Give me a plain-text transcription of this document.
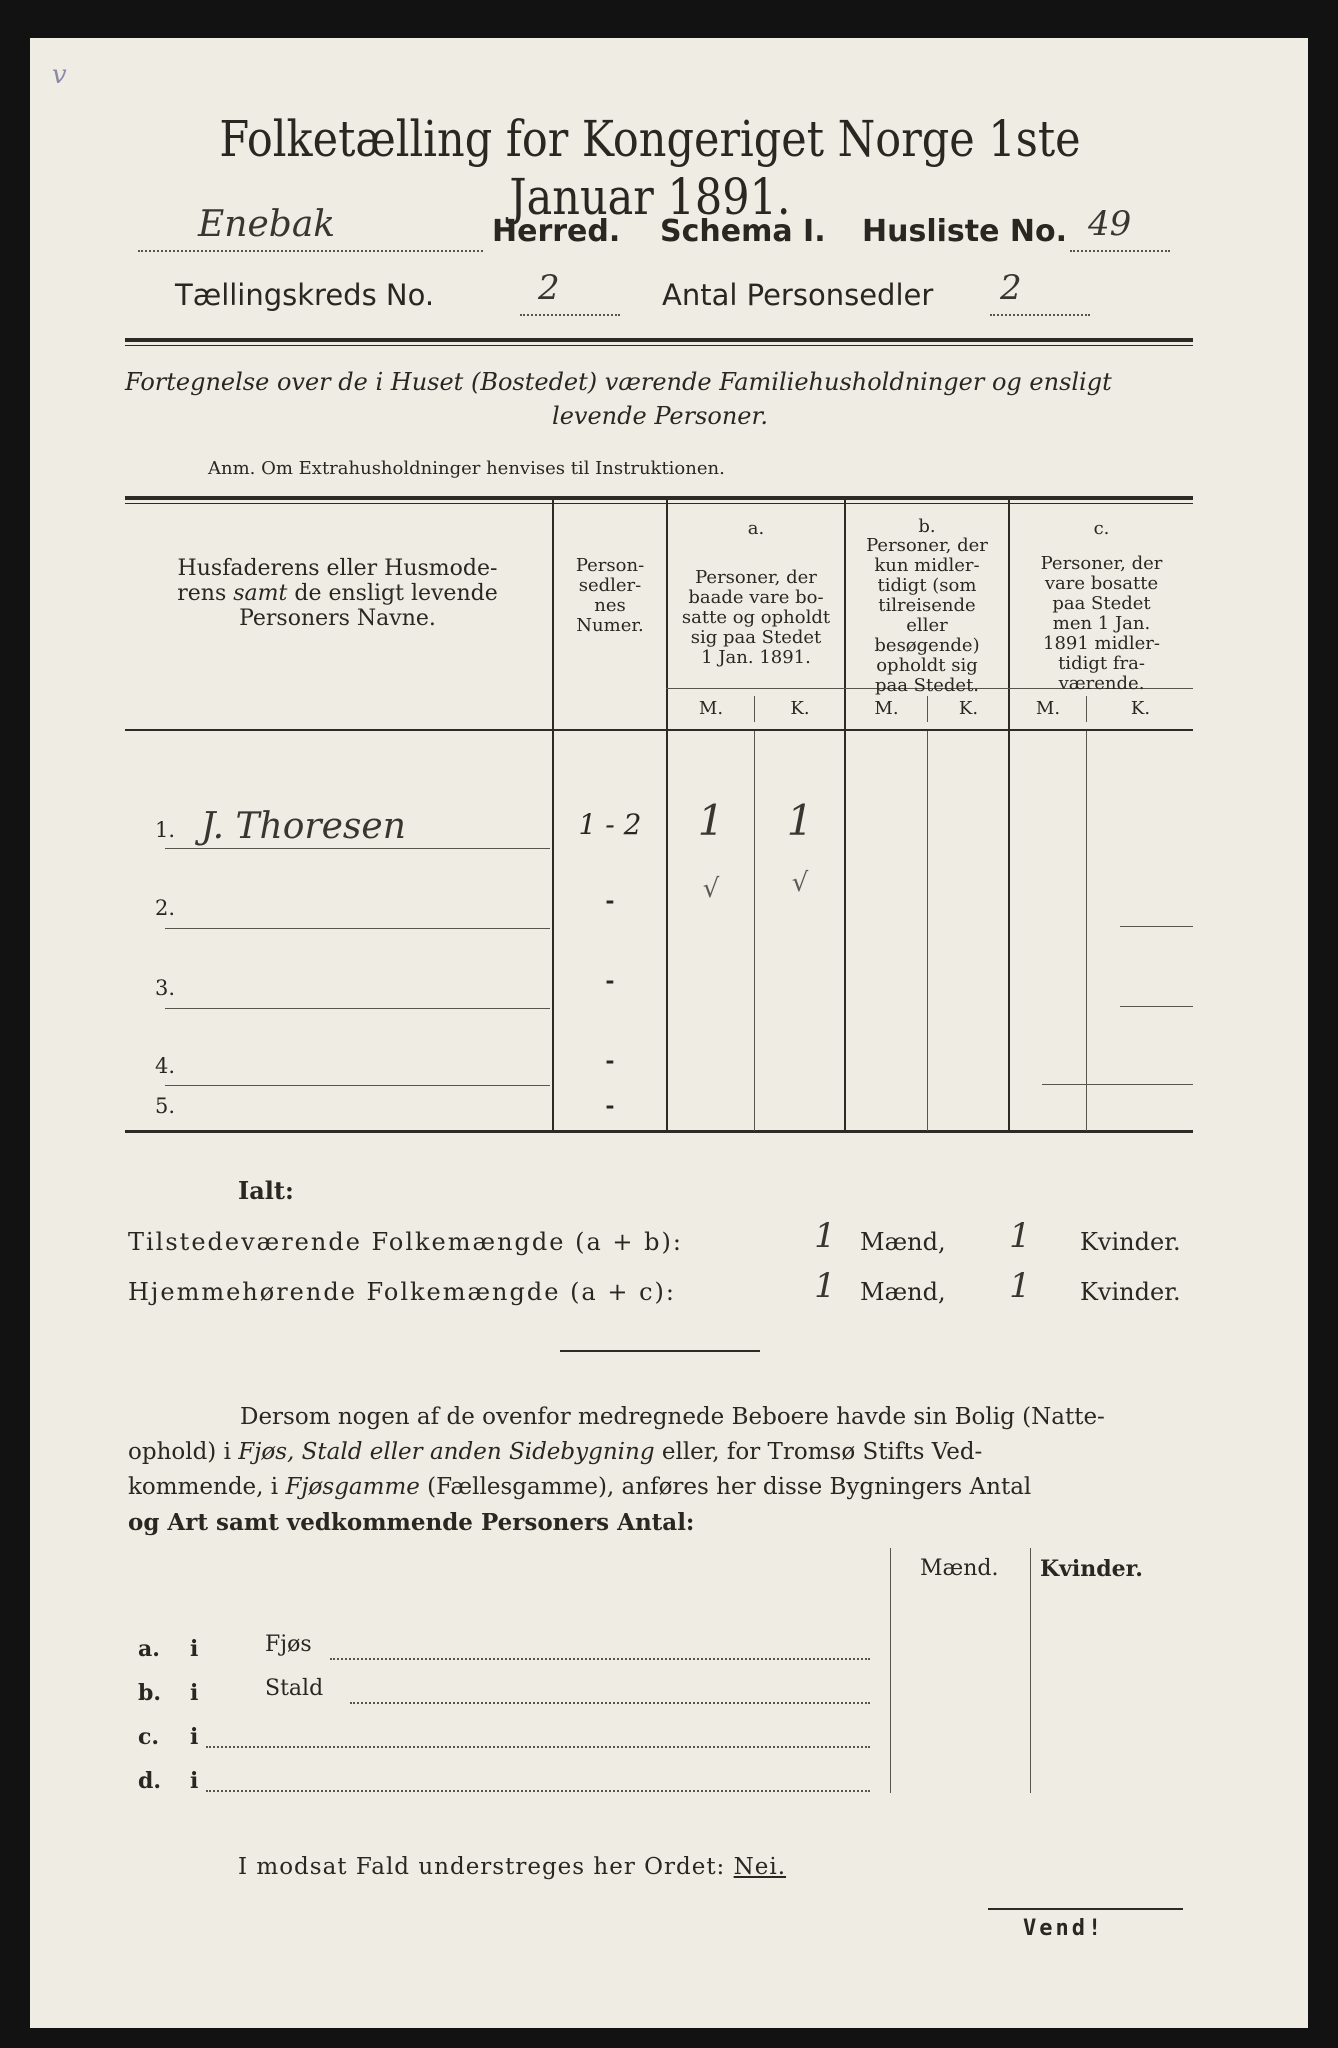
v
Folketælling for Kongeriget Norge 1ste Januar 1891.
Enebak	Herred. Schema I. Husliste No. 49
Tællingskreds No.	2	Antal Personsedler 2
Fortegnelse over de i Huset (Bostedet) værende Familiehusholdninger og ensligt
levende Personer.
Anm. Om Extrahusholdninger henvises til Instruktionen.
Husfaderens eller Husmode-
rens samt de ensligt levende
Personers Navne.
Person-
sedler-
nes
Numer.
a.
Personer, der
baade vare bo-
satte og opholdt
sig paa Stedet
1 Jan. 1891.
b.
Personer, der
kun midler-
tidigt (som
tilreisende
eller
besøgende)
opholdt sig
paa Stedet.
c.
Personer, der
vare bosatte
paa Stedet
men 1 Jan.
1891 midler-
tidigt fra-
værende.
M.	K.	M.	K.	M.	K.
1. J. Thoresen	1 - 2	1	1
2.	-	√	√
3.	-
4.	-
5.	-
Ialt:
Tilstedeværende Folkemængde (a + b):	1	Mænd,	1	Kvinder.
Hjemmehørende Folkemængde (a + c):	1	Mænd,	1	Kvinder.
Dersom nogen af de ovenfor medregnede Beboere havde sin Bolig (Natte-
ophold) i Fjøs, Stald eller anden Sidebygning eller, for Tromsø Stifts Ved-
kommende, i Fjøsgamme (Fællesgamme), anføres her disse Bygningers Antal
og Art samt vedkommende Personers Antal:
Mænd. Kvinder.
a. i	Fjøs
b. i	Stald
c. i
d. i
I modsat Fald understreges her Ordet: Nei.
Vend!
